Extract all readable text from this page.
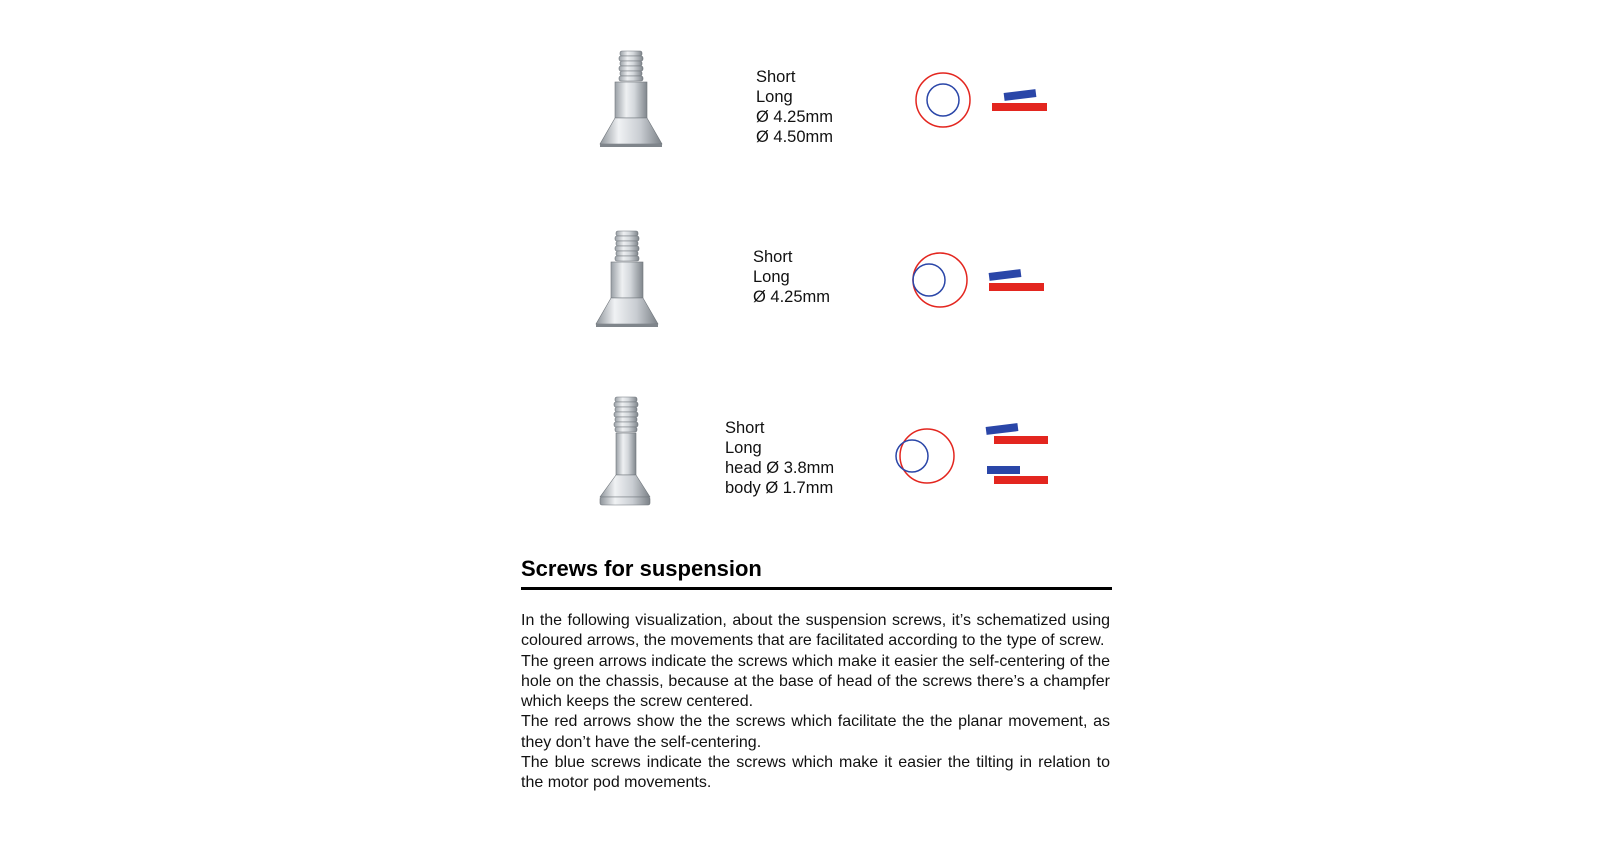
Short
Long
Ø 4.25mm
Ø 4.50mm
Short
Long
Ø 4.25mm
Short
Long
head Ø 3.8mm
body Ø 1.7mm
Screws for suspension

In the following visualization, about the suspension screws, it’s schematized using coloured arrows, the movements that are facilitated according to the type of screw.

The green arrows indicate the screws which make it easier the self-centering of the hole on the chassis, because at the base of head of the screws there’s a champfer which keeps the screw centered.

The red arrows show the the screws which facilitate the the planar movement, as they don’t have the self-centering.

The blue screws indicate the screws which make it easier the tilting in relation to the motor pod movements.
